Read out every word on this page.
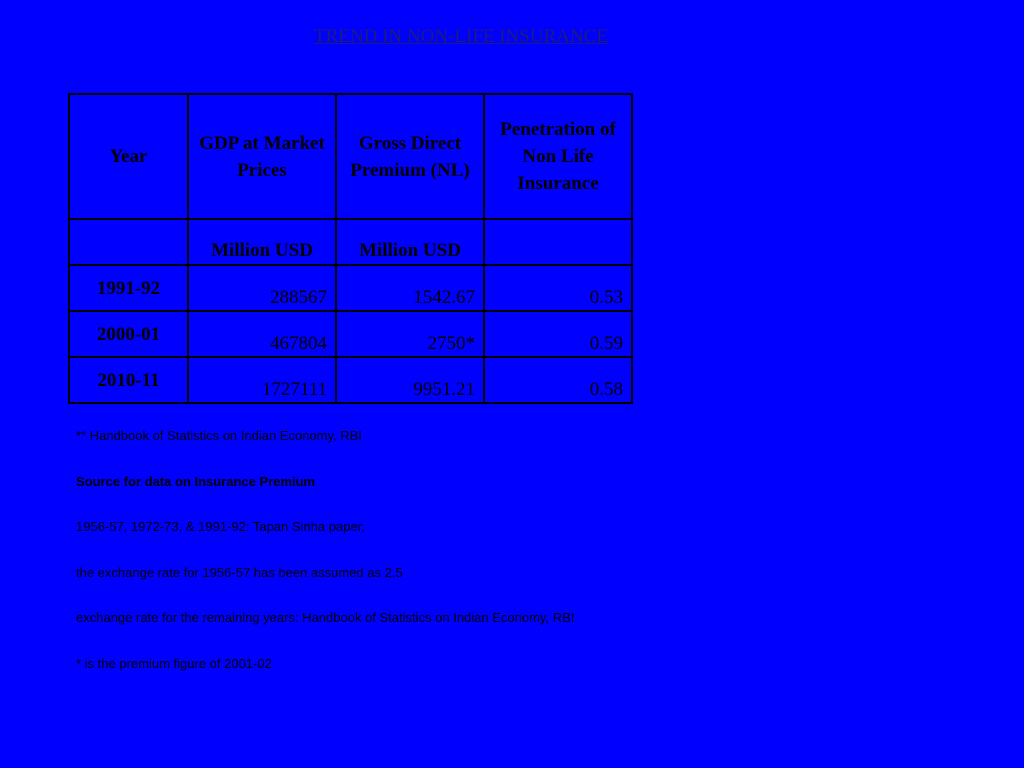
TREND IN NON-LIFE INSURANCE
Year	GDP at Market Prices	Gross Direct Premium (NL)	Penetration of Non Life Insurance
	Million USD	Million USD	
1991-92	288567	1542.67	0.53
2000-01	467804	2750*	0.59
2010-11	1727111	9951.21	0.58
** Handbook of Statistics on Indian Economy, RBI
Source for data on Insurance Premium
1956-57, 1972-73, & 1991-92: Tapan Sinha paper,
the exchange rate for 1956-57 has been assumed as 2.5
exchange rate for the remaining years: Handbook of Statistics on Indian Economy, RBI
* is the premium figure of 2001-02
